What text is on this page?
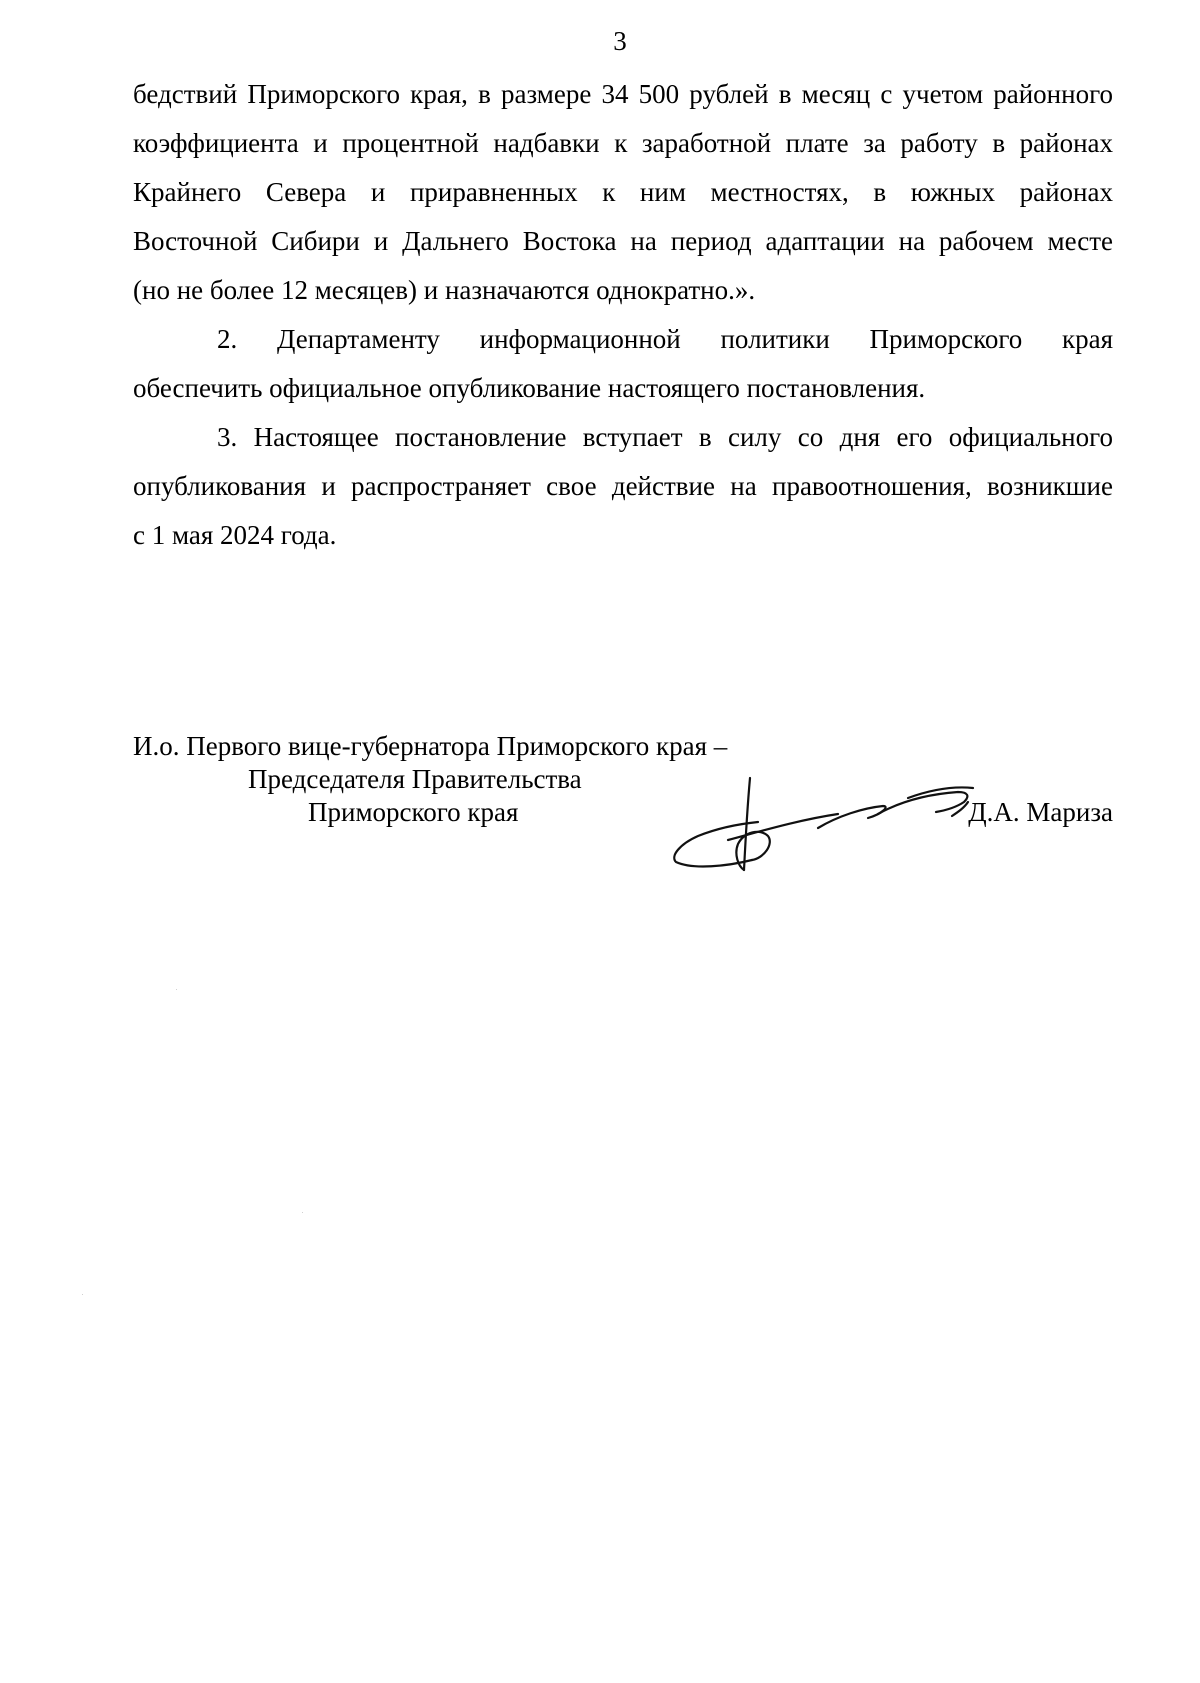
3
бедствий Приморского края, в размере 34 500 рублей в месяц с учетом районного
коэффициента и процентной надбавки к заработной плате за работу в районах
Крайнего Севера и приравненных к ним местностях, в южных районах
Восточной Сибири и Дальнего Востока на период адаптации на рабочем месте
(но не более 12 месяцев) и назначаются однократно.».
2. Департаменту информационной политики Приморского края
обеспечить официальное опубликование настоящего постановления.
3. Настоящее постановление вступает в силу со дня его официального
опубликования и распространяет свое действие на правоотношения, возникшие
с 1 мая 2024 года.
И.о. Первого вице-губернатора Приморского края –
Председателя Правительства
Приморского края	Д.А. Мариза
